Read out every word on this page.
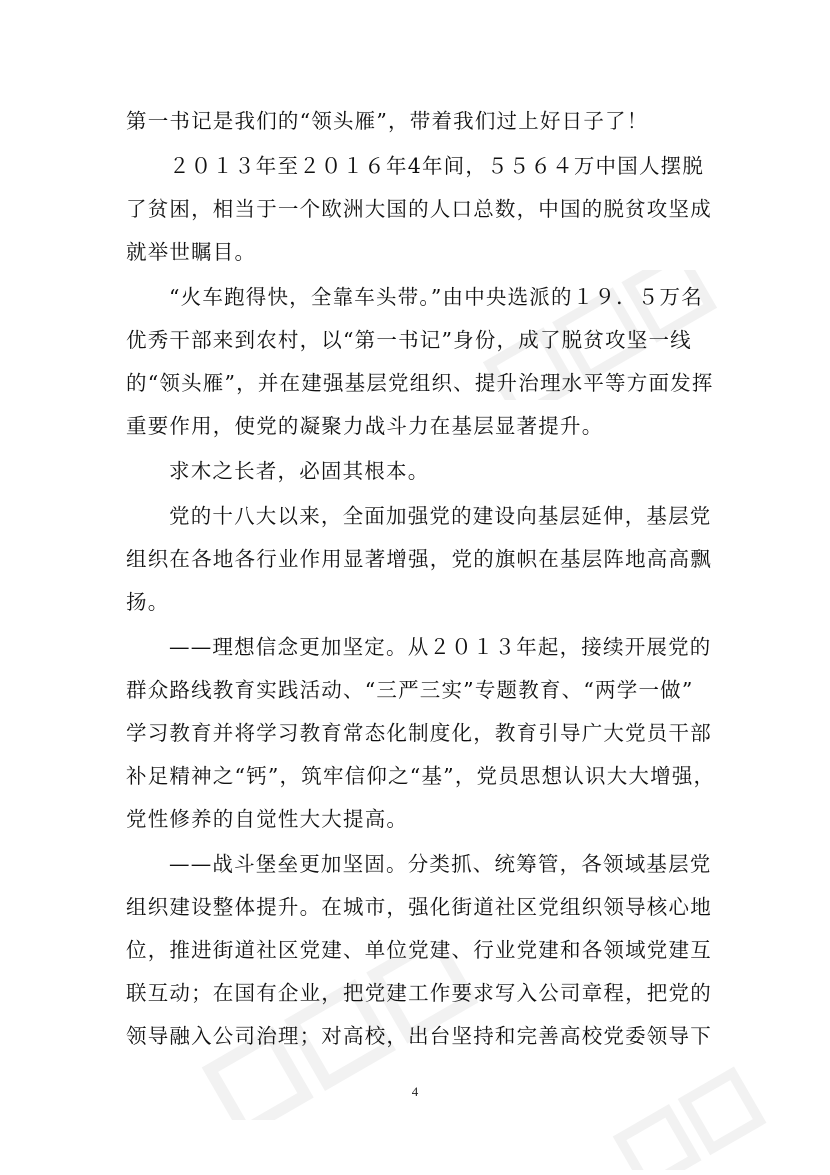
第一书记是我们的“领头雁”，带着我们过上好日子了！

２０１３年至２０１６年4年间，５５６４万中国人摆脱
了贫困，相当于一个欧洲大国的人口总数，中国的脱贫攻坚成
就举世瞩目。

“火车跑得快，全靠车头带。”由中央选派的１９．５万名
优秀干部来到农村，以“第一书记”身份，成了脱贫攻坚一线
的“领头雁”，并在建强基层党组织、提升治理水平等方面发挥
重要作用，使党的凝聚力战斗力在基层显著提升。

求木之长者，必固其根本。

党的十八大以来，全面加强党的建设向基层延伸，基层党
组织在各地各行业作用显著增强，党的旗帜在基层阵地高高飘
扬。

——理想信念更加坚定。从２０１３年起，接续开展党的
群众路线教育实践活动、“三严三实”专题教育、“两学一做”
学习教育并将学习教育常态化制度化，教育引导广大党员干部
补足精神之“钙”，筑牢信仰之“基”，党员思想认识大大增强，
党性修养的自觉性大大提高。

——战斗堡垒更加坚固。分类抓、统筹管，各领域基层党
组织建设整体提升。在城市，强化街道社区党组织领导核心地
位，推进街道社区党建、单位党建、行业党建和各领域党建互
联互动；在国有企业，把党建工作要求写入公司章程，把党的
领导融入公司治理；对高校，出台坚持和完善高校党委领导下

4
